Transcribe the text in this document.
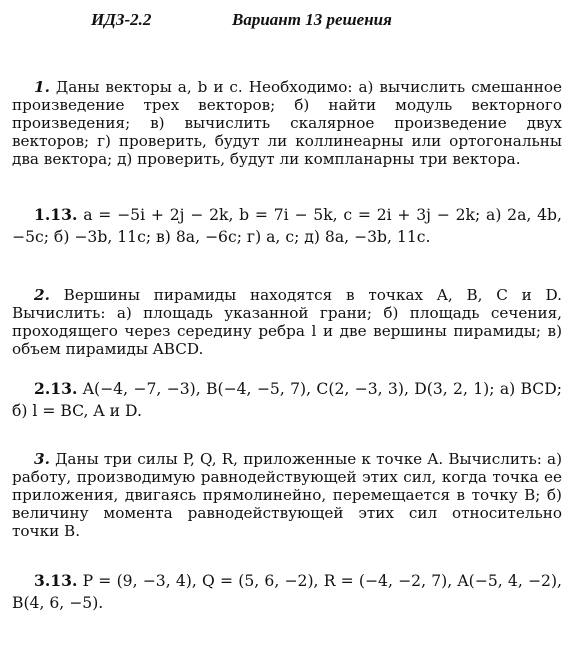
ИДЗ-2.2	Вариант 13 решения

1. Даны векторы a, b и c. Необходимо: а) вычислить смешанное произведение трех векторов; б) найти модуль векторного произведения; в) вычислить скалярное произведение двух векторов; г) проверить, будут ли коллинеарны или ортогональны два вектора; д) проверить, будут ли компланарны три вектора.

1.13. a = −5i + 2j − 2k, b = 7i − 5k, c = 2i + 3j − 2k; а) 2a, 4b, −5c; б) −3b, 11c; в) 8a, −6c; г) a, c; д) 8a, −3b, 11c.

2. Вершины пирамиды находятся в точках A, B, C и D. Вычислить: а) площадь указанной грани; б) площадь сечения, проходящего через середину ребра l и две вершины пирамиды; в) объем пирамиды ABCD.

2.13. A(−4, −7, −3), B(−4, −5, 7), C(2, −3, 3), D(3, 2, 1); а) BCD; б) l = BC, A и D.

3. Даны три силы P, Q, R, приложенные к точке A. Вычислить: а) работу, производимую равнодействующей этих сил, когда точка ее приложения, двигаясь прямолинейно, перемещается в точку B; б) величину момента равнодействующей этих сил относительно точки B.

3.13. P = (9, −3, 4), Q = (5, 6, −2), R = (−4, −2, 7), A(−5, 4, −2), B(4, 6, −5).
